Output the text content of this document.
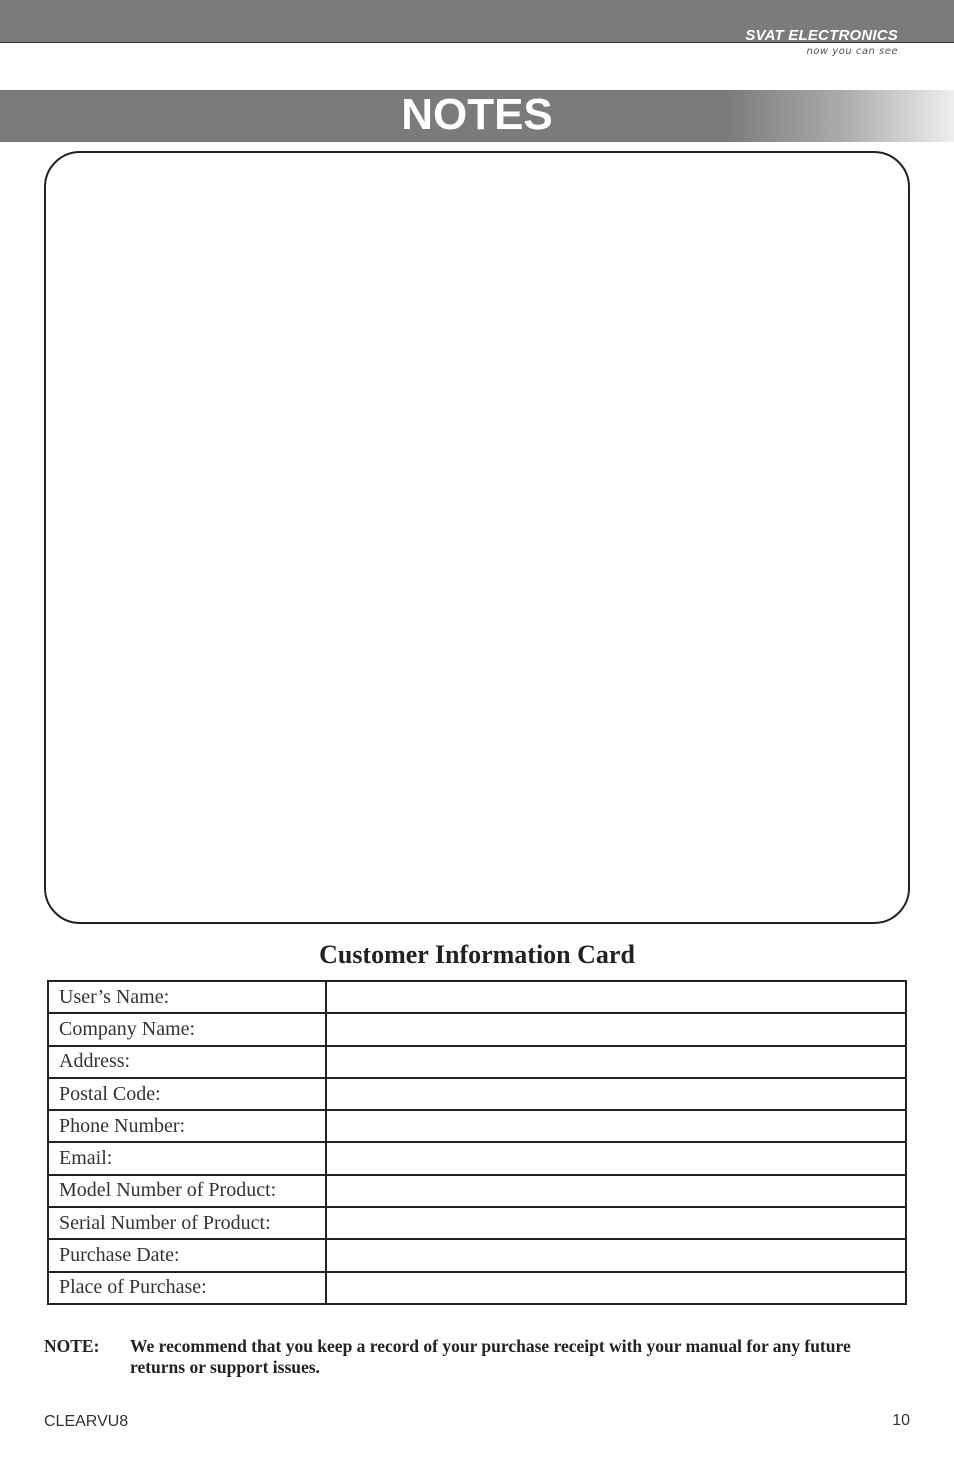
SVAT ELECTRONICS
now you can see
NOTES
Customer Information Card
User’s Name:	
Company Name:	
Address:	
Postal Code:	
Phone Number:	
Email:	
Model Number of Product:	
Serial Number of Product:	
Purchase Date:	
Place of Purchase:	
NOTE: We recommend that you keep a record of your purchase receipt with your manual for any future returns or support issues.
CLEARVU8	10
